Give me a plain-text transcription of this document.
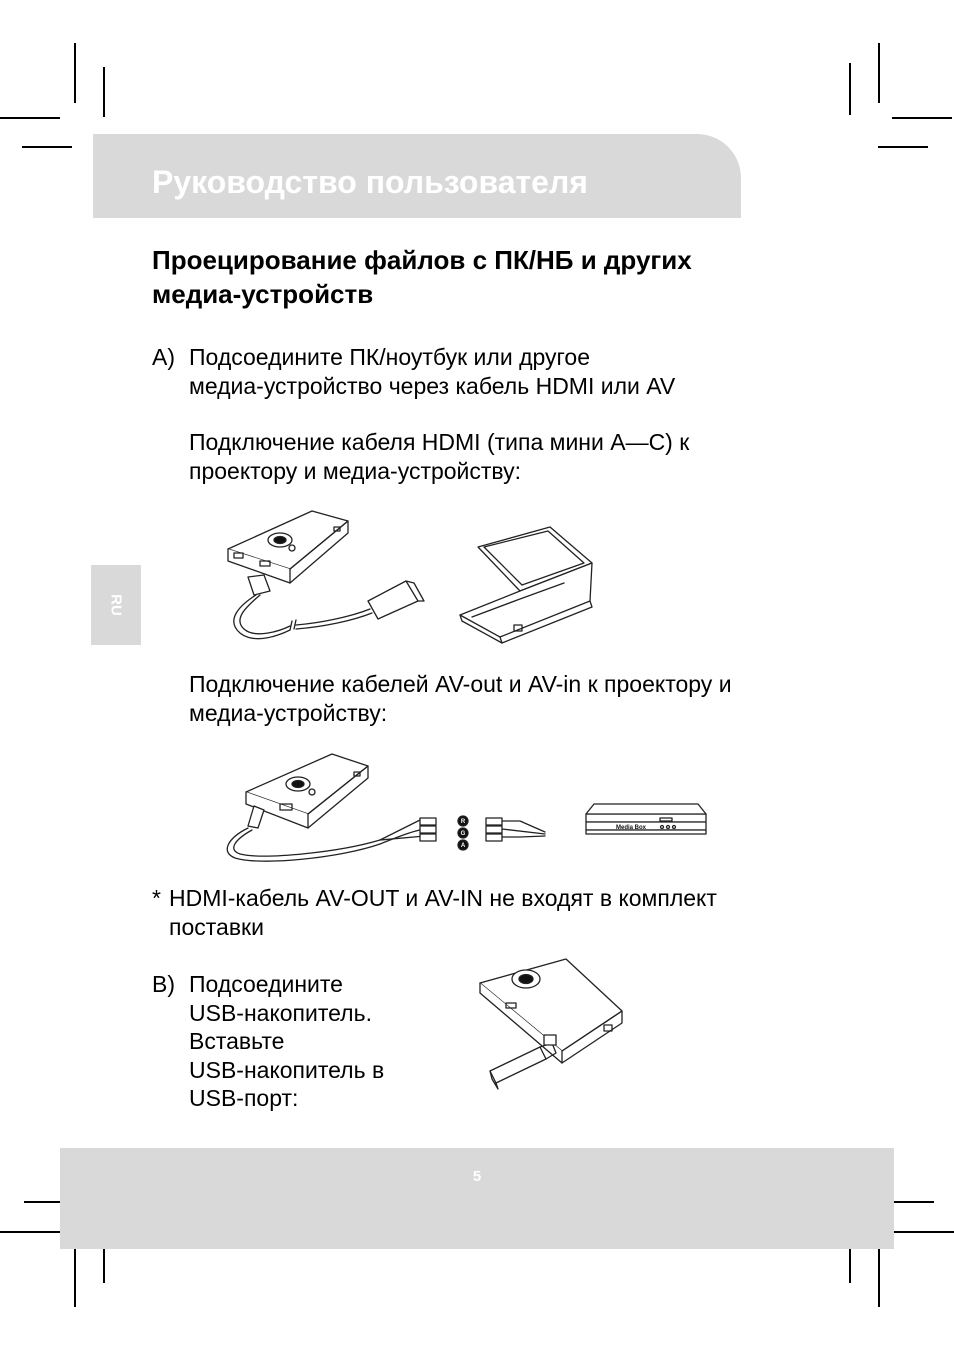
Руководство пользователя
Проецирование файлов с ПК/НБ и других
медиа-устройств
A) Подсоедините ПК/ноутбук или другое
медиа-устройство через кабель HDMI или AV
Подключение кабеля HDMI (типа мини A—C) к
проектору и медиа-устройству:
RU
Подключение кабелей AV-out и AV-in к проектору и
медиа-устройству:
R
G
A
Media Box
* HDMI-кабель AV-OUT и AV-IN не входят в комплект
поставки
B) Подсоедините
USB-накопитель.
Вставьте
USB-накопитель в
USB-порт:
5
